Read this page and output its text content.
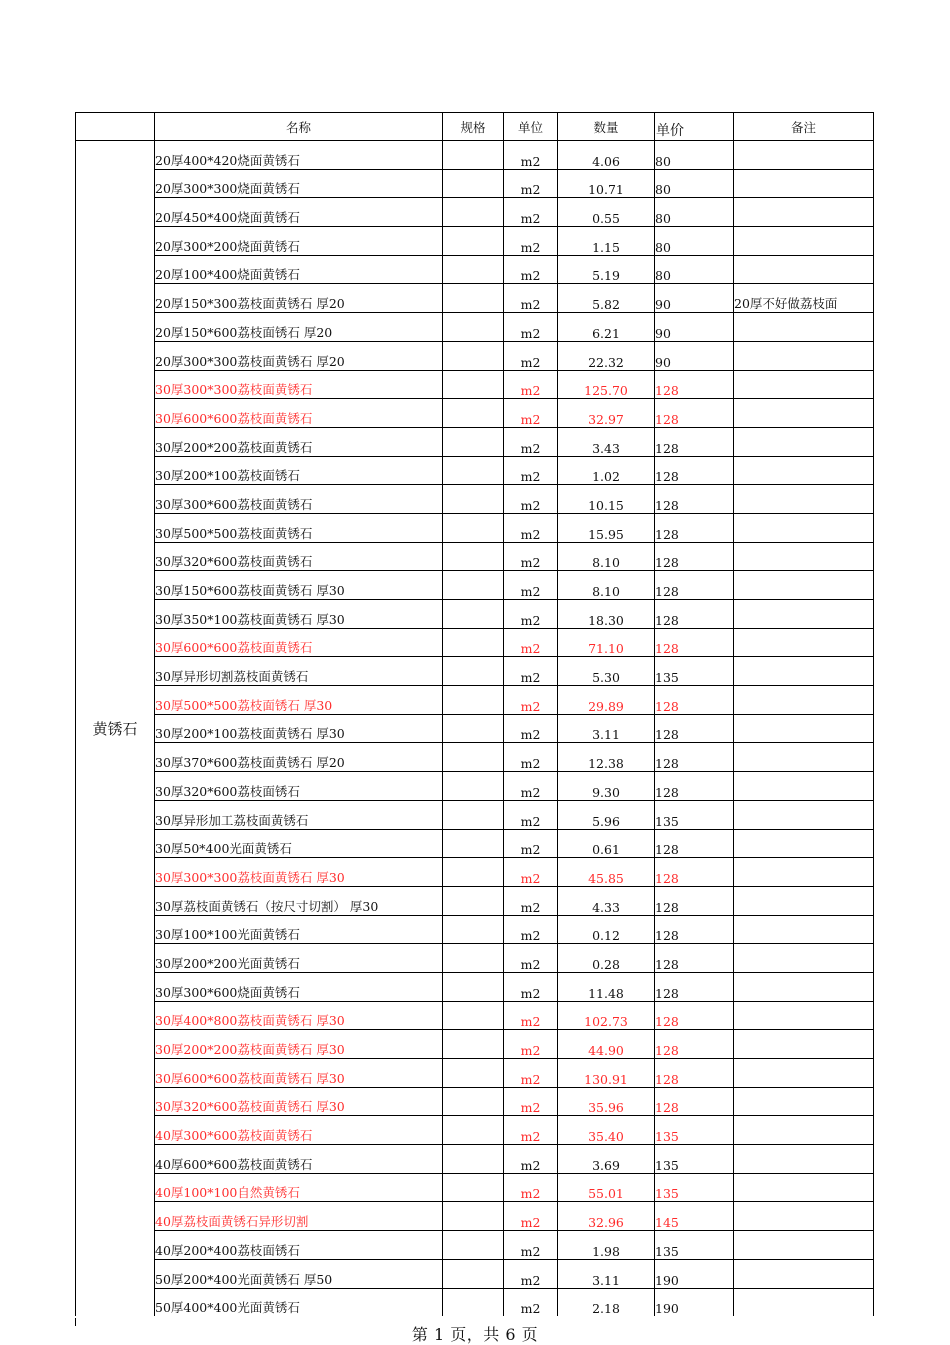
	名称	规格	单位	数量	单价	备注
黄锈石	20厚400*420烧面黄锈石		m2	4.06	80	
	20厚300*300烧面黄锈石		m2	10.71	80	
	20厚450*400烧面黄锈石		m2	0.55	80	
	20厚300*200烧面黄锈石		m2	1.15	80	
	20厚100*400烧面黄锈石		m2	5.19	80	
	20厚150*300荔枝面黄锈石 厚20		m2	5.82	90	20厚不好做荔枝面
	20厚150*600荔枝面锈石 厚20		m2	6.21	90	
	20厚300*300荔枝面黄锈石 厚20		m2	22.32	90	
	30厚300*300荔枝面黄锈石		m2	125.70	128	
	30厚600*600荔枝面黄锈石		m2	32.97	128	
	30厚200*200荔枝面黄锈石		m2	3.43	128	
	30厚200*100荔枝面锈石		m2	1.02	128	
	30厚300*600荔枝面黄锈石		m2	10.15	128	
	30厚500*500荔枝面黄锈石		m2	15.95	128	
	30厚320*600荔枝面黄锈石		m2	8.10	128	
	30厚150*600荔枝面黄锈石 厚30		m2	8.10	128	
	30厚350*100荔枝面黄锈石 厚30		m2	18.30	128	
	30厚600*600荔枝面黄锈石		m2	71.10	128	
	30厚异形切割荔枝面黄锈石		m2	5.30	135	
	30厚500*500荔枝面锈石 厚30		m2	29.89	128	
	30厚200*100荔枝面黄锈石 厚30		m2	3.11	128	
	30厚370*600荔枝面黄锈石 厚20		m2	12.38	128	
	30厚320*600荔枝面锈石		m2	9.30	128	
	30厚异形加工荔枝面黄锈石		m2	5.96	135	
	30厚50*400光面黄锈石		m2	0.61	128	
	30厚300*300荔枝面黄锈石 厚30		m2	45.85	128	
	30厚荔枝面黄锈石（按尺寸切割） 厚30		m2	4.33	128	
	30厚100*100光面黄锈石		m2	0.12	128	
	30厚200*200光面黄锈石		m2	0.28	128	
	30厚300*600烧面黄锈石		m2	11.48	128	
	30厚400*800荔枝面黄锈石 厚30		m2	102.73	128	
	30厚200*200荔枝面黄锈石 厚30		m2	44.90	128	
	30厚600*600荔枝面黄锈石 厚30		m2	130.91	128	
	30厚320*600荔枝面黄锈石 厚30		m2	35.96	128	
	40厚300*600荔枝面黄锈石		m2	35.40	135	
	40厚600*600荔枝面黄锈石		m2	3.69	135	
	40厚100*100自然黄锈石		m2	55.01	135	
	40厚荔枝面黄锈石异形切割		m2	32.96	145	
	40厚200*400荔枝面锈石		m2	1.98	135	
	50厚200*400光面黄锈石 厚50		m2	3.11	190	
	50厚400*400光面黄锈石		m2	2.18	190	
第 1 页，共 6 页
